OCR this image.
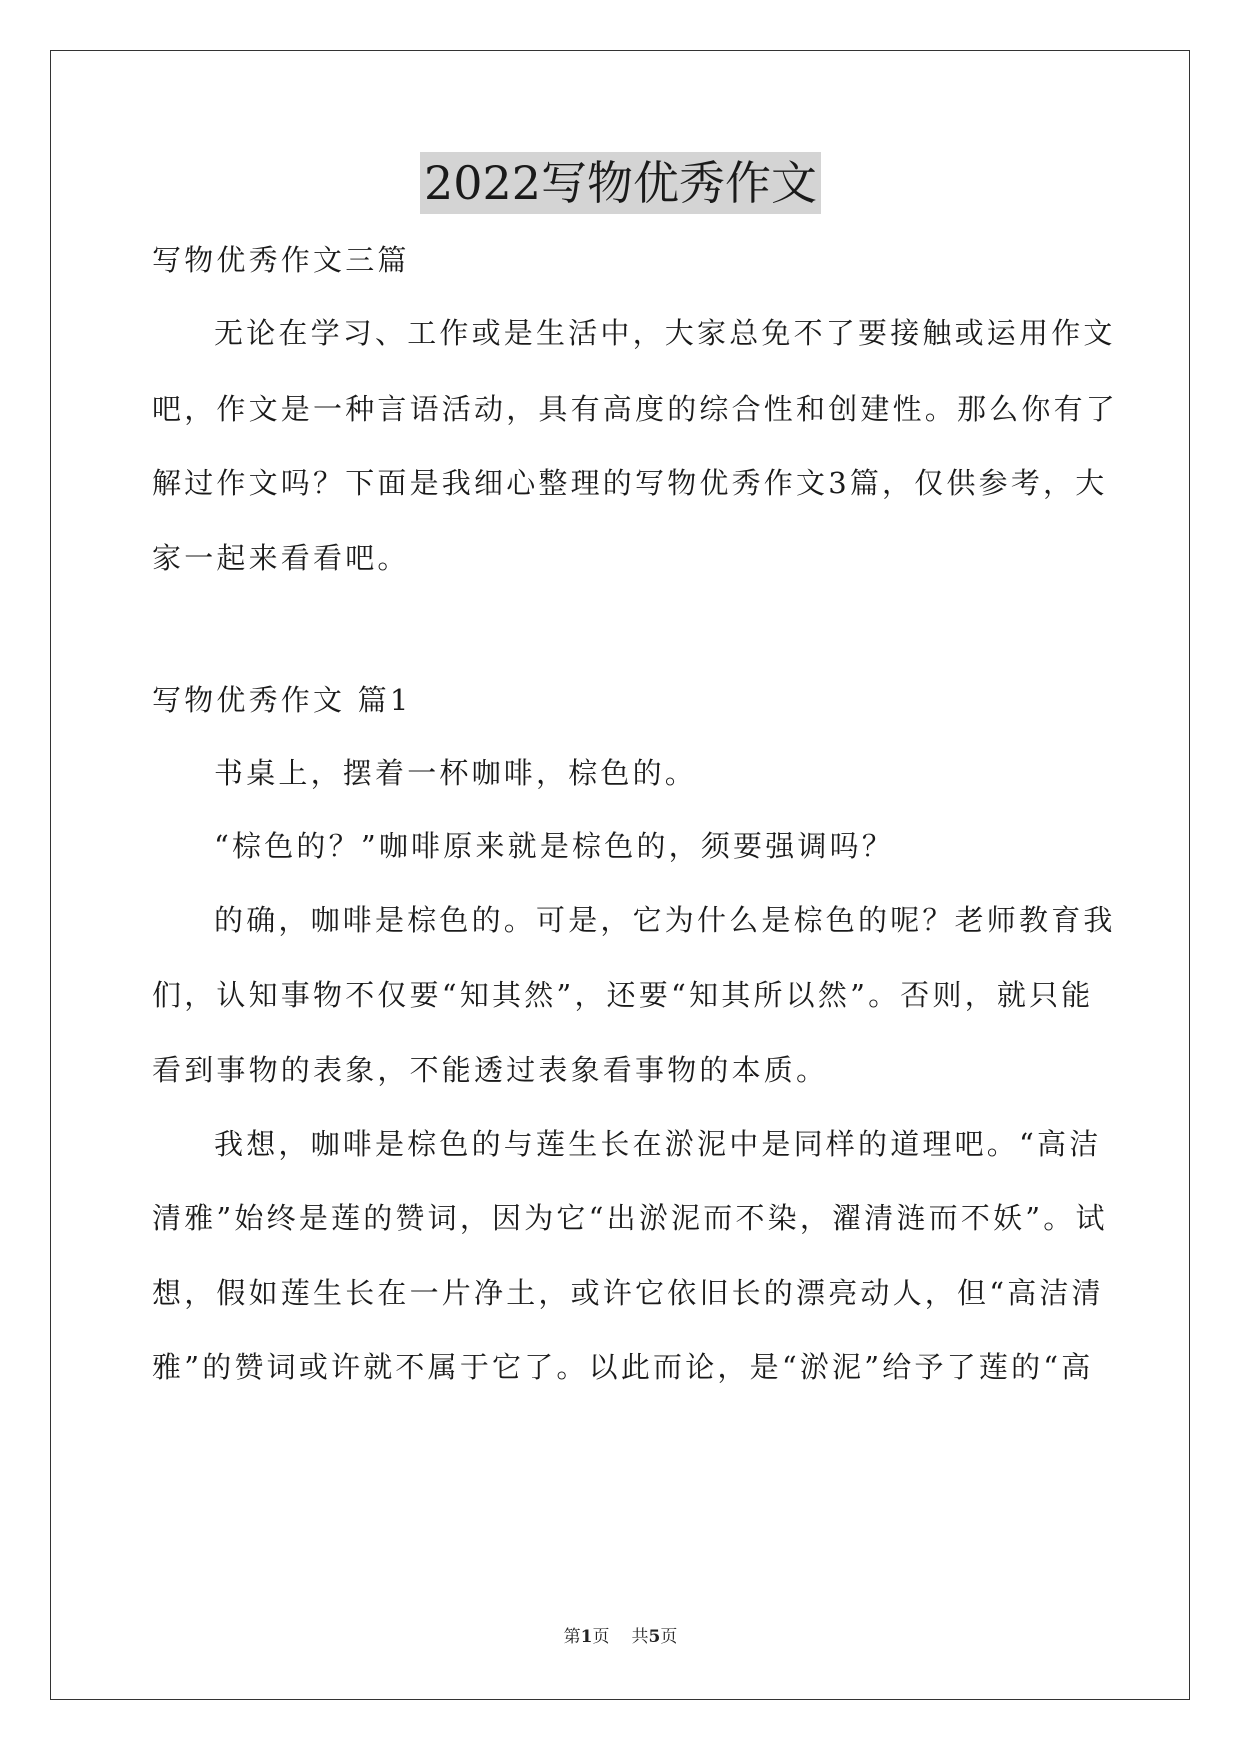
2022写物优秀作文
写物优秀作文三篇
无论在学习、工作或是生活中，大家总免不了要接触或运用作文
吧，作文是一种言语活动，具有高度的综合性和创建性。那么你有了
解过作文吗？下面是我细心整理的写物优秀作文3篇，仅供参考，大
家一起来看看吧。
写物优秀作文 篇1
书桌上，摆着一杯咖啡，棕色的。
“棕色的？”咖啡原来就是棕色的，须要强调吗？
的确，咖啡是棕色的。可是，它为什么是棕色的呢？老师教育我
们，认知事物不仅要“知其然”，还要“知其所以然”。否则，就只能
看到事物的表象，不能透过表象看事物的本质。
我想，咖啡是棕色的与莲生长在淤泥中是同样的道理吧。“高洁
清雅”始终是莲的赞词，因为它“出淤泥而不染，濯清涟而不妖”。试
想，假如莲生长在一片净土，或许它依旧长的漂亮动人，但“高洁清
雅”的赞词或许就不属于它了。以此而论，是“淤泥”给予了莲的“高
第1页 共5页
